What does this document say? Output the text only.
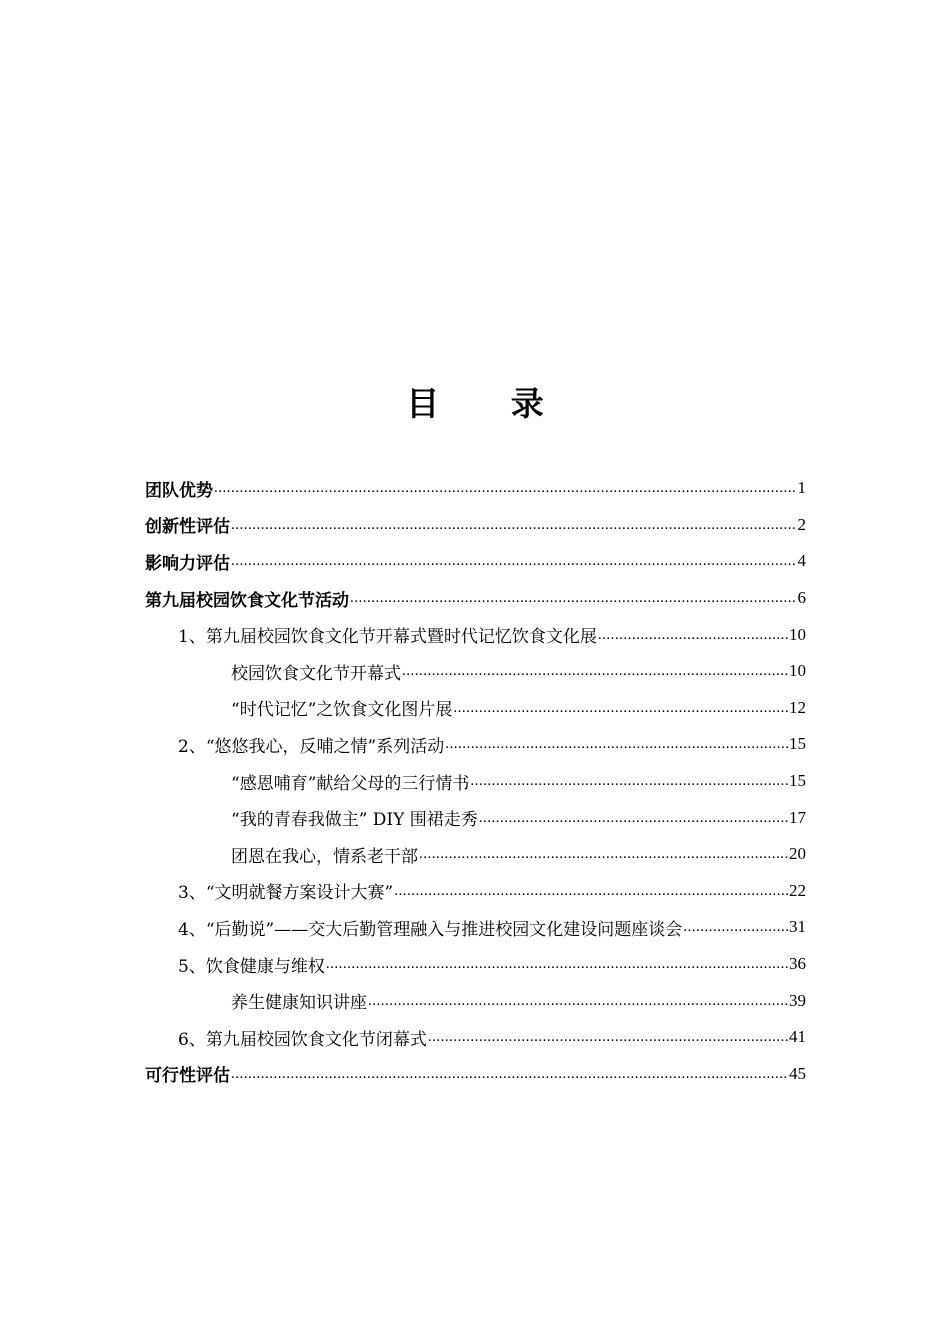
目 录
团队优势 .....	1
创新性评估 .....	2
影响力评估 .....	4
第九届校园饮食文化节活动 .....	6
1、第九届校园饮食文化节开幕式暨时代记忆饮食文化展 .....	10
校园饮食文化节开幕式 .....	10
“时代记忆”之饮食文化图片展 .....	12
2、“悠悠我心，反哺之情”系列活动 .....	15
“感恩哺育”献给父母的三行情书 .....	15
“我的青春我做主” DIY 围裙走秀 .....	17
团恩在我心，情系老干部 .....	20
3、“文明就餐方案设计大赛” .....	22
4、“后勤说”——交大后勤管理融入与推进校园文化建设问题座谈会 .....	31
5、饮食健康与维权 .....	36
养生健康知识讲座 .....	39
6、第九届校园饮食文化节闭幕式 .....	41
可行性评估 .....	45
